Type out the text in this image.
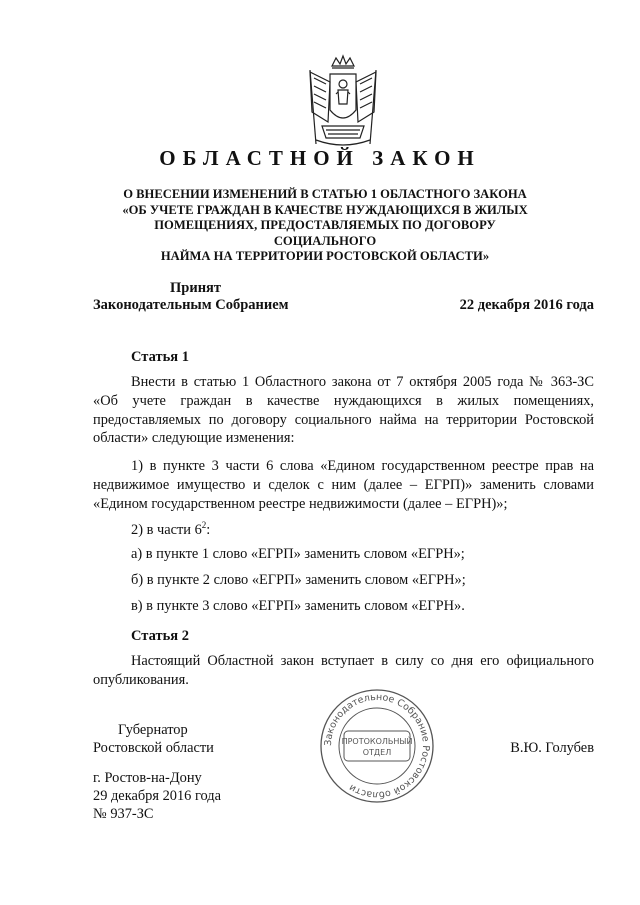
ОБЛАСТНОЙ ЗАКОН
О ВНЕСЕНИИ ИЗМЕНЕНИЙ В СТАТЬЮ 1 ОБЛАСТНОГО ЗАКОНА
«ОБ УЧЕТЕ ГРАЖДАН В КАЧЕСТВЕ НУЖДАЮЩИХСЯ В ЖИЛЫХ
ПОМЕЩЕНИЯХ, ПРЕДОСТАВЛЯЕМЫХ ПО ДОГОВОРУ СОЦИАЛЬНОГО
НАЙМА НА ТЕРРИТОРИИ РОСТОВСКОЙ ОБЛАСТИ»
Принят
Законодательным Собранием	22 декабря 2016 года
Статья 1
Внести в статью 1 Областного закона от 7 октября 2005 года № 363-ЗС «Об учете граждан в качестве нуждающихся в жилых помещениях, предоставляемых по договору социального найма на территории Ростовской области» следующие изменения:
1) в пункте 3 части 6 слова «Едином государственном реестре прав на недвижимое имущество и сделок с ним (далее – ЕГРП)» заменить словами «Едином государственном реестре недвижимости (далее – ЕГРН)»;
2) в части $6^2$:
а) в пункте 1 слово «ЕГРП» заменить словом «ЕГРН»;
б) в пункте 2 слово «ЕГРП» заменить словом «ЕГРН»;
в) в пункте 3 слово «ЕГРП» заменить словом «ЕГРН».
Статья 2
Настоящий Областной закон вступает в силу со дня его официального опубликования.
Губернатор
Ростовской области	В.Ю. Голубев
Законодательное Собрание Ростовской области
ПРОТОКОЛЬНЫЙ
ОТДЕЛ
г. Ростов-на-Дону
29 декабря 2016 года
№ 937-ЗС
